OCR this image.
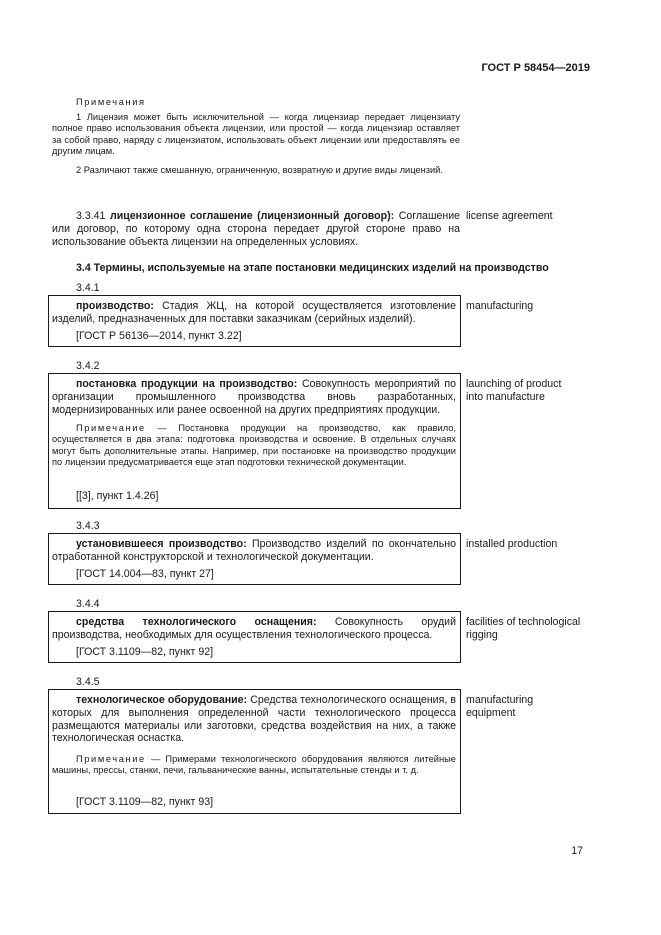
ГОСТ Р 58454—2019
Примечания
1 Лицензия может быть исключительной — когда лицензиар передает лицензиату полное право использования объекта лицензии, или простой — когда лицензиар оставляет за собой право, наряду с лицензиатом, использовать объект лицензии или предоставлять ее другим лицам.
2 Различают также смешанную, ограниченную, возвратную и другие виды лицензий.
3.3.41 лицензионное соглашение (лицензионный договор): Соглашение или договор, по которому одна сторона передает другой стороне право на использование объекта лицензии на определенных условиях.
license agreement
3.4 Термины, используемые на этапе постановки медицинских изделий на производство
3.4.1
производство: Стадия ЖЦ, на которой осуществляется изготовление изделий, предназначенных для поставки заказчикам (серийных изделий).
[ГОСТ Р 56136—2014, пункт 3.22]
manufacturing
3.4.2
постановка продукции на производство: Совокупность мероприятий по организации промышленного производства вновь разработанных, модернизированных или ранее освоенной на других предприятиях продукции.
Примечание — Постановка продукции на производство, как правило, осуществляется в два этапа: подготовка производства и освоение. В отдельных случаях могут быть дополнительные этапы. Например, при постановке на производство продукции по лицензии предусматривается еще этап подготовки технической документации.
[[3], пункт 1.4.26]
launching of product into manufacture
3.4.3
установившееся производство: Производство изделий по окончательно отработанной конструкторской и технологической документации.
[ГОСТ 14.004—83, пункт 27]
installed production
3.4.4
средства технологического оснащения: Совокупность орудий производства, необходимых для осуществления технологического процесса.
[ГОСТ 3.1109—82, пункт 92]
facilities of technological rigging
3.4.5
технологическое оборудование: Средства технологического оснащения, в которых для выполнения определенной части технологического процесса размещаются материалы или заготовки, средства воздействия на них, а также технологическая оснастка.
Примечание — Примерами технологического оборудования являются литейные машины, прессы, станки, печи, гальванические ванны, испытательные стенды и т. д.
[ГОСТ 3.1109—82, пункт 93]
manufacturing equipment
17
